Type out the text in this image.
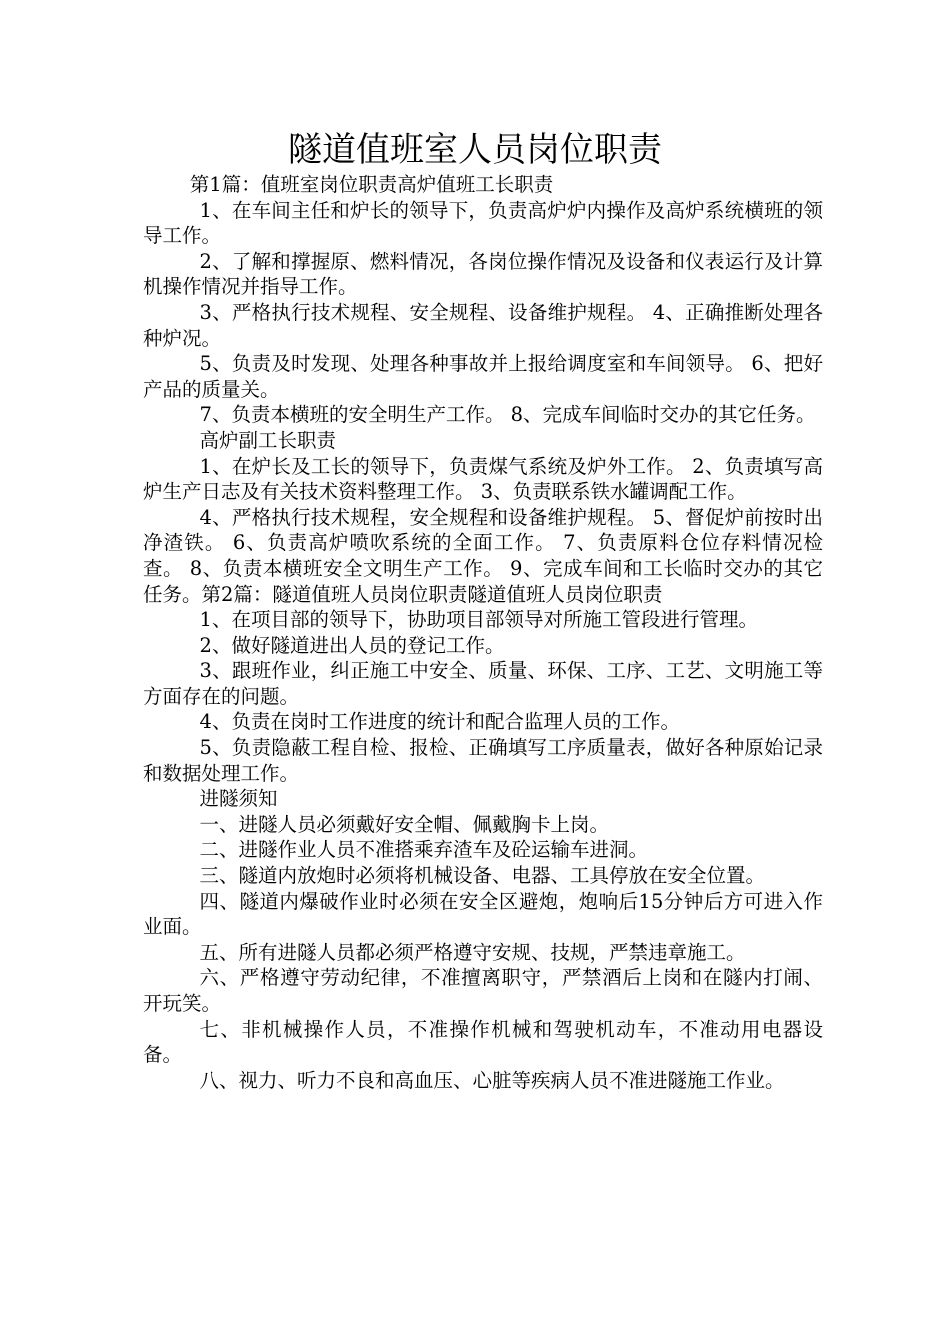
隧道值班室人员岗位职责

第1篇：值班室岗位职责高炉值班工长职责

1、在车间主任和炉长的领导下，负责高炉炉内操作及高炉系统横班的领导工作。

2、了解和撑握原、燃料情况，各岗位操作情况及设备和仪表运行及计算机操作情况并指导工作。

3、严格执行技术规程、安全规程、设备维护规程。 4、正确推断处理各种炉况。

5、负责及时发现、处理各种事故并上报给调度室和车间领导。 6、把好产品的质量关。

7、负责本横班的安全明生产工作。 8、完成车间临时交办的其它任务。

高炉副工长职责

1、在炉长及工长的领导下，负责煤气系统及炉外工作。 2、负责填写高炉生产日志及有关技术资料整理工作。 3、负责联系铁水罐调配工作。

4、严格执行技术规程，安全规程和设备维护规程。 5、督促炉前按时出净渣铁。 6、负责高炉喷吹系统的全面工作。 7、负责原料仓位存料情况检查。 8、负责本横班安全文明生产工作。 9、完成车间和工长临时交办的其它任务。第2篇：隧道值班人员岗位职责隧道值班人员岗位职责

1、在项目部的领导下，协助项目部领导对所施工管段进行管理。

2、做好隧道进出人员的登记工作。

3、跟班作业，纠正施工中安全、质量、环保、工序、工艺、文明施工等方面存在的问题。

4、负责在岗时工作进度的统计和配合监理人员的工作。

5、负责隐蔽工程自检、报检、正确填写工序质量表，做好各种原始记录和数据处理工作。

进隧须知

一、进隧人员必须戴好安全帽、佩戴胸卡上岗。

二、进隧作业人员不准搭乘弃渣车及砼运输车进洞。

三、隧道内放炮时必须将机械设备、电器、工具停放在安全位置。

四、隧道内爆破作业时必须在安全区避炮，炮响后15分钟后方可进入作业面。

五、所有进隧人员都必须严格遵守安规、技规，严禁违章施工。

六、严格遵守劳动纪律，不准擅离职守，严禁酒后上岗和在隧内打闹、开玩笑。

七、非机械操作人员，不准操作机械和驾驶机动车，不准动用电器设备。

八、视力、听力不良和高血压、心脏等疾病人员不准进隧施工作业。
